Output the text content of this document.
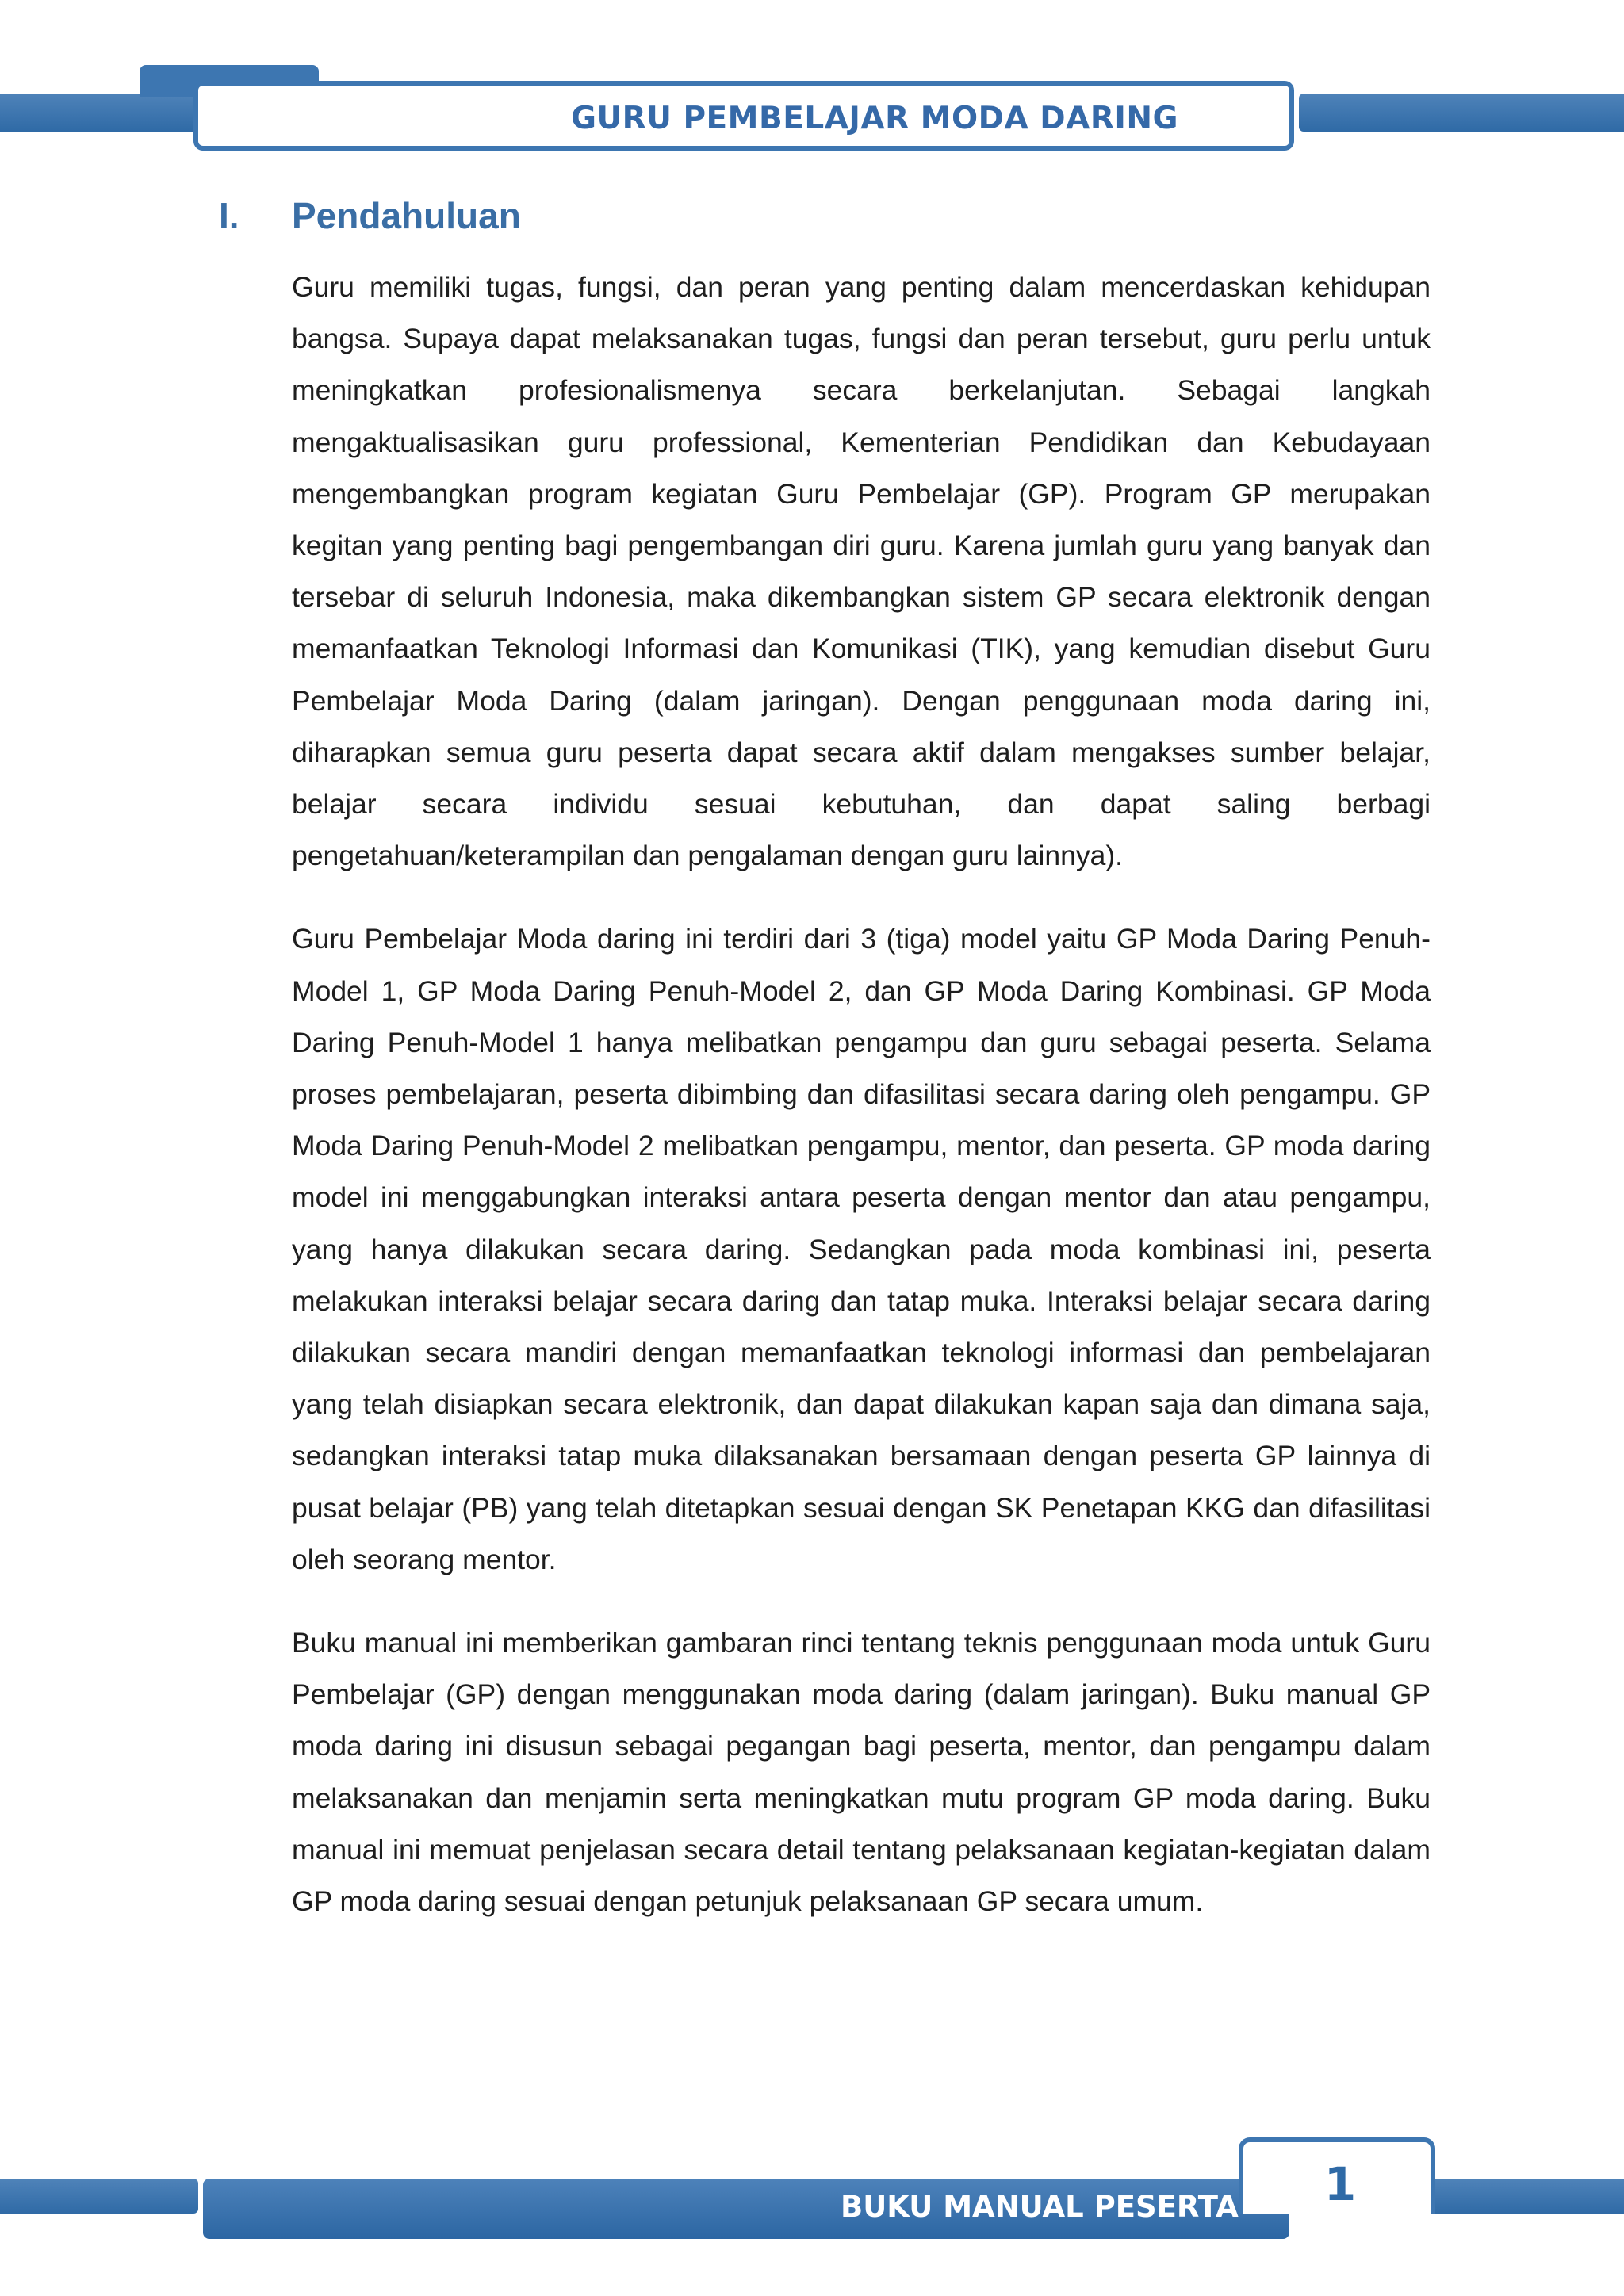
GURU PEMBELAJAR MODA DARING
I. Pendahuluan

Guru memiliki tugas, fungsi, dan peran yang penting dalam mencerdaskan kehidupan bangsa. Supaya dapat melaksanakan tugas, fungsi dan peran tersebut, guru perlu untuk meningkatkan profesionalismenya secara berkelanjutan. Sebagai langkah mengaktualisasikan guru professional, Kementerian Pendidikan dan Kebudayaan mengembangkan program kegiatan Guru Pembelajar (GP). Program GP merupakan kegitan yang penting bagi pengembangan diri guru. Karena jumlah guru yang banyak dan tersebar di seluruh Indonesia, maka dikembangkan sistem GP secara elektronik dengan memanfaatkan Teknologi Informasi dan Komunikasi (TIK), yang kemudian disebut Guru Pembelajar Moda Daring (dalam jaringan). Dengan penggunaan moda daring ini, diharapkan semua guru peserta dapat secara aktif dalam mengakses sumber belajar, belajar secara individu sesuai kebutuhan, dan dapat saling berbagi pengetahuan/keterampilan dan pengalaman dengan guru lainnya).

Guru Pembelajar Moda daring ini terdiri dari 3 (tiga) model yaitu GP Moda Daring Penuh-Model 1, GP Moda Daring Penuh-Model 2, dan GP Moda Daring Kombinasi. GP Moda Daring Penuh-Model 1 hanya melibatkan pengampu dan guru sebagai peserta. Selama proses pembelajaran, peserta dibimbing dan difasilitasi secara daring oleh pengampu. GP Moda Daring Penuh-Model 2 melibatkan pengampu, mentor, dan peserta. GP moda daring model ini menggabungkan interaksi antara peserta dengan mentor dan atau pengampu, yang hanya dilakukan secara daring. Sedangkan pada moda kombinasi ini, peserta melakukan interaksi belajar secara daring dan tatap muka. Interaksi belajar secara daring dilakukan secara mandiri dengan memanfaatkan teknologi informasi dan pembelajaran yang telah disiapkan secara elektronik, dan dapat dilakukan kapan saja dan dimana saja, sedangkan interaksi tatap muka dilaksanakan bersamaan dengan peserta GP lainnya di pusat belajar (PB) yang telah ditetapkan sesuai dengan SK Penetapan KKG dan difasilitasi oleh seorang mentor.

Buku manual ini memberikan gambaran rinci tentang teknis penggunaan moda untuk Guru Pembelajar (GP) dengan menggunakan moda daring (dalam jaringan). Buku manual GP moda daring ini disusun sebagai pegangan bagi peserta, mentor, dan pengampu dalam melaksanakan dan menjamin serta meningkatkan mutu program GP moda daring. Buku manual ini memuat penjelasan secara detail tentang pelaksanaan kegiatan-kegiatan dalam GP moda daring sesuai dengan petunjuk pelaksanaan GP secara umum.

BUKU MANUAL PESERTA	1
